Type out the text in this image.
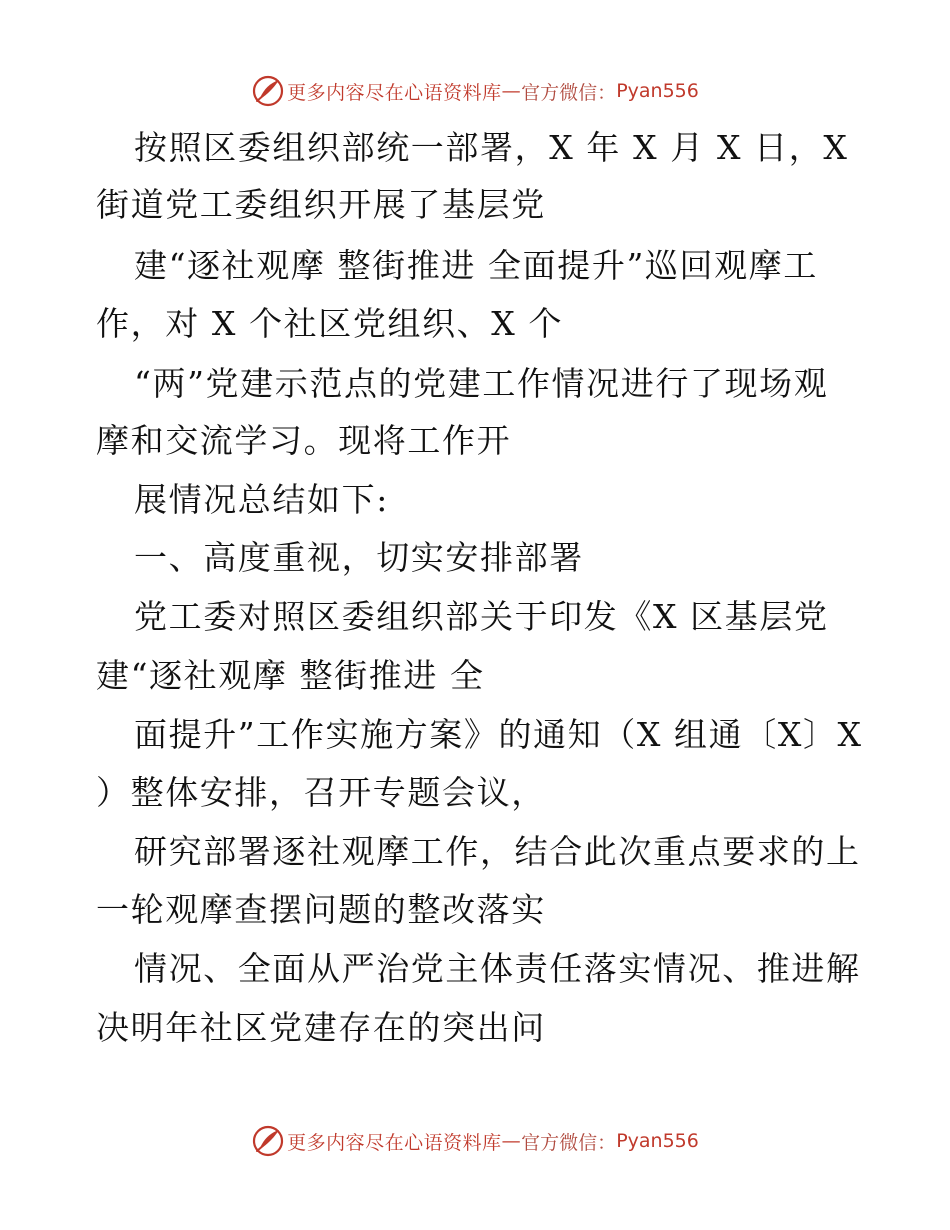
更多内容尽在心语资料库 — 官方微信： Pyan556
按照区委组织部统一部署，X 年 X 月 X 日，X
街道党工委组织开展了基层党
建“逐社观摩 整街推进 全面提升”巡回观摩工
作，对 X 个社区党组织、X 个
“两”党建示范点的党建工作情况进行了现场观
摩和交流学习。现将工作开
展情况总结如下:
一、高度重视，切实安排部署
党工委对照区委组织部关于印发《X 区基层党
建“逐社观摩 整街推进 全
面提升”工作实施方案》的通知（X 组通〔X〕X
）整体安排，召开专题会议，
研究部署逐社观摩工作，结合此次重点要求的上
一轮观摩查摆问题的整改落实
情况、全面从严治党主体责任落实情况、推进解
决明年社区党建存在的突出问
更多内容尽在心语资料库 — 官方微信： Pyan556
